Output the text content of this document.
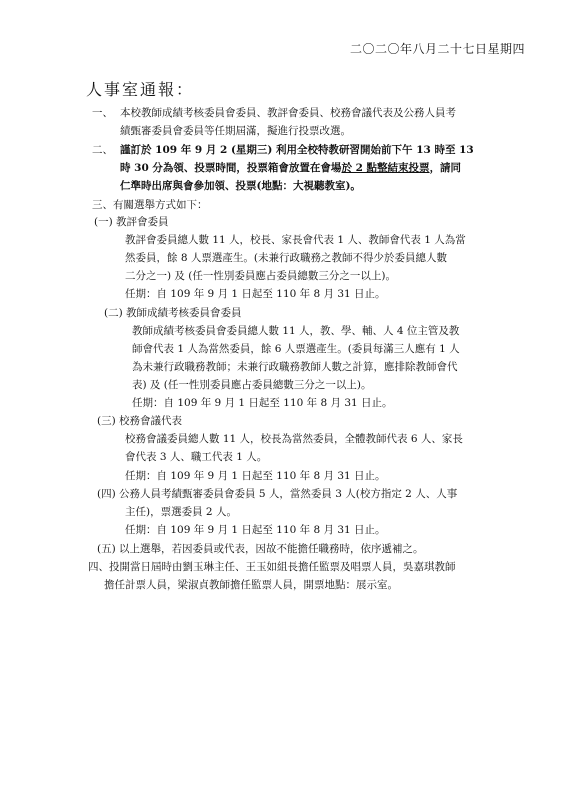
二〇二〇年八月二十七日星期四
人事室通報：
一、 本校教師成績考核委員會委員、教評會委員、校務會議代表及公務人員考
績甄審委員會委員等任期屆滿，擬進行投票改選。
二、 謹訂於 109 年 9 月 2 (星期三) 利用全校特教研習開始前下午 13 時至 13
時 30 分為領、投票時間，投票箱會放置在會場於 2 點整結束投票，請同
仁準時出席與會參加領、投票(地點：大視聽教室)。
三、有關選舉方式如下：
(一) 教評會委員
教評會委員總人數 11 人，校長、家長會代表 1 人、教師會代表 1 人為當
然委員，餘 8 人票選產生。(未兼行政職務之教師不得少於委員總人數
二分之一) 及 (任一性別委員應占委員總數三分之一以上)。
任期：自 109 年 9 月 1 日起至 110 年 8 月 31 日止。
(二) 教師成績考核委員會委員
教師成績考核委員會委員總人數 11 人，教、學、輔、人 4 位主管及教
師會代表 1 人為當然委員，餘 6 人票選產生。(委員每滿三人應有 1 人
為未兼行政職務教師；未兼行政職務教師人數之計算，應排除教師會代
表) 及 (任一性別委員應占委員總數三分之一以上)。
任期：自 109 年 9 月 1 日起至 110 年 8 月 31 日止。
(三) 校務會議代表
校務會議委員總人數 11 人，校長為當然委員，全體教師代表 6 人、家長
會代表 3 人、職工代表 1 人。
任期：自 109 年 9 月 1 日起至 110 年 8 月 31 日止。
(四) 公務人員考績甄審委員會委員 5 人，當然委員 3 人(校方指定 2 人、人事
主任)，票選委員 2 人。
任期：自 109 年 9 月 1 日起至 110 年 8 月 31 日止。
(五) 以上選舉，若因委員或代表，因故不能擔任職務時，依序遞補之。
四、投開當日屆時由劉玉琳主任、王玉如組長擔任監票及唱票人員，吳嘉琪教師
擔任計票人員，梁淑貞教師擔任監票人員，開票地點：展示室。
